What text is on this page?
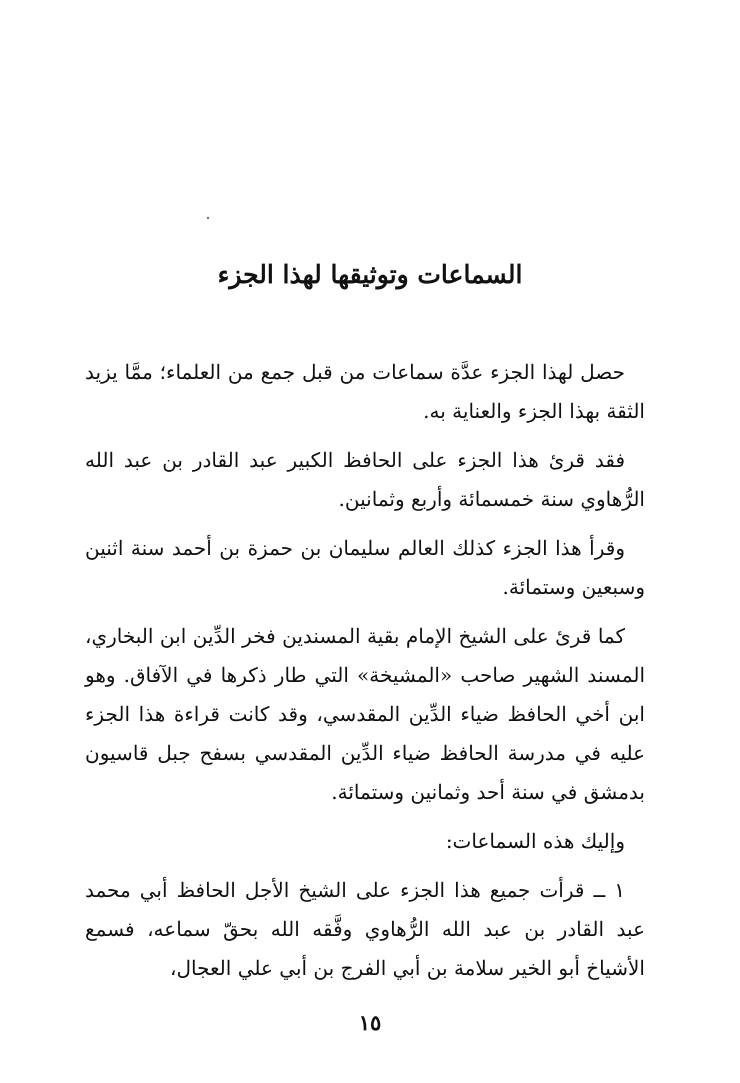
السماعات وتوثيقها لهذا الجزء

حصل لهذا الجزء عدَّة سماعات من قبل جمع من العلماء؛ ممَّا يزيد الثقة بهذا الجزء والعناية به.

فقد قرئ هذا الجزء على الحافظ الكبير عبد القادر بن عبد الله الرُّهاوي سنة خمسمائة وأربع وثمانين.

وقرأ هذا الجزء كذلك العالم سليمان بن حمزة بن أحمد سنة اثنين وسبعين وستمائة.

كما قرئ على الشيخ الإمام بقية المسندين فخر الدِّين ابن البخاري، المسند الشهير صاحب «المشيخة» التي طار ذكرها في الآفاق. وهو ابن أخي الحافظ ضياء الدِّين المقدسي، وقد كانت قراءة هذا الجزء عليه في مدرسة الحافظ ضياء الدِّين المقدسي بسفح جبل قاسيون بدمشق في سنة أحد وثمانين وستمائة.

وإليك هذه السماعات:

١ ــ قرأت جميع هذا الجزء على الشيخ الأجل الحافظ أبي محمد عبد القادر بن عبد الله الرُّهاوي وفَّقه الله بحقّ سماعه، فسمع الأشياخ أبو الخير سلامة بن أبي الفرج بن أبي علي العجال،

١٥
